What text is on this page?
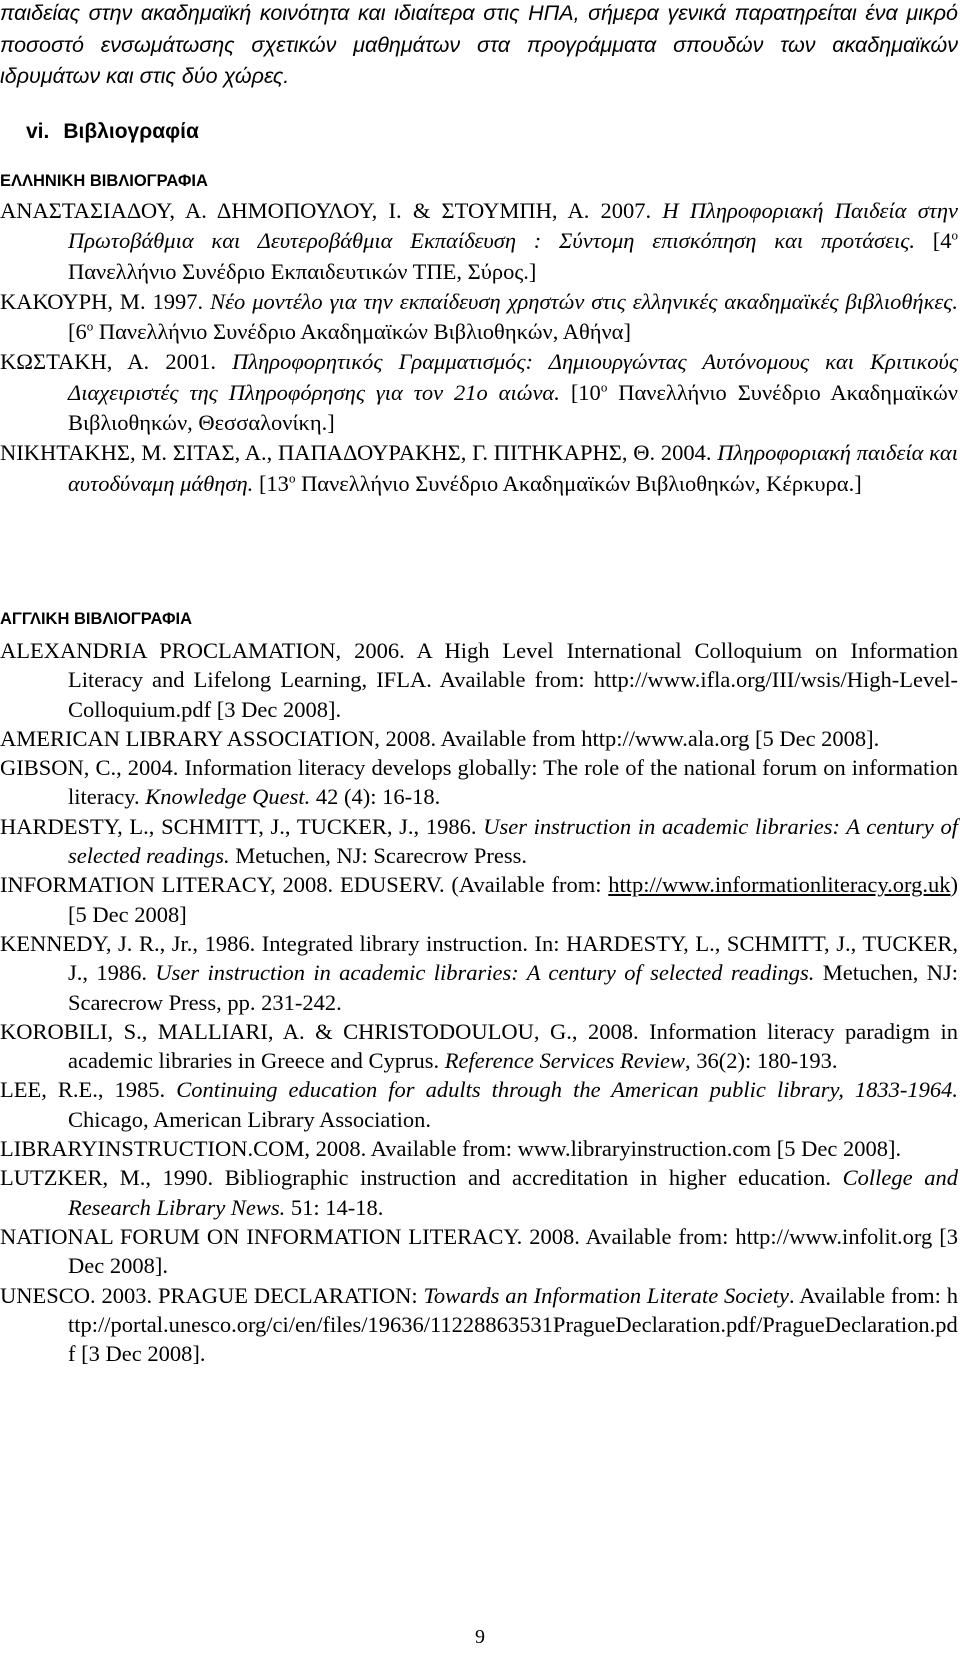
παιδείας στην ακαδημαϊκή κοινότητα και ιδιαίτερα στις ΗΠΑ, σήμερα γενικά παρατηρείται ένα μικρό ποσοστό ενσωμάτωσης σχετικών μαθημάτων στα προγράμματα σπουδών των ακαδημαϊκών ιδρυμάτων και στις δύο χώρες.

vi. Βιβλιογραφία
ΕΛΛΗΝΙΚΗ ΒΙΒΛΙΟΓΡΑΦΙΑ
ΑΝΑΣΤΑΣΙΑΔΟΥ, Α. ΔΗΜΟΠΟΥΛΟΥ, Ι. & ΣΤΟΥΜΠΗ, Α. 2007. Η Πληροφοριακή Παιδεία στην Πρωτοβάθμια και Δευτεροβάθμια Εκπαίδευση : Σύντομη επισκόπηση και προτάσεις. [$4^o$ Πανελλήνιο Συνέδριο Εκπαιδευτικών ΤΠΕ, Σύρος.]
ΚΑΚΟΥΡΗ, Μ. 1997. Νέο μοντέλο για την εκπαίδευση χρηστών στις ελληνικές ακαδημαϊκές βιβλιοθήκες. [$6^o$ Πανελλήνιο Συνέδριο Ακαδημαϊκών Βιβλιοθηκών, Αθήνα]
ΚΩΣΤΑΚΗ, Α. 2001. Πληροφορητικός Γραμματισμός: Δημιουργώντας Αυτόνομους και Κριτικούς Διαχειριστές της Πληροφόρησης για τον 21ο αιώνα. [$10^o$ Πανελλήνιο Συνέδριο Ακαδημαϊκών Βιβλιοθηκών, Θεσσαλονίκη.]
ΝΙΚΗΤΑΚΗΣ, Μ. ΣΙΤΑΣ, Α., ΠΑΠΑΔΟΥΡΑΚΗΣ, Γ. ΠΙΤΗΚΑΡΗΣ, Θ. 2004. Πληροφοριακή παιδεία και αυτοδύναμη μάθηση. [$13^o$ Πανελλήνιο Συνέδριο Ακαδημαϊκών Βιβλιοθηκών, Κέρκυρα.]
ΑΓΓΛΙΚΗ ΒΙΒΛΙΟΓΡΑΦΙΑ
ALEXANDRIA PROCLAMATION, 2006. A High Level International Colloquium on Information Literacy and Lifelong Learning, IFLA. Available from: http://www.ifla.org/III/wsis/High-Level-Colloquium.pdf [3 Dec 2008].
AMERICAN LIBRARY ASSOCIATION, 2008. Available from http://www.ala.org [5 Dec 2008].
GIBSON, C., 2004. Information literacy develops globally: The role of the national forum on information literacy. Knowledge Quest. 42 (4): 16-18.
HARDESTY, L., SCHMITT, J., TUCKER, J., 1986. User instruction in academic libraries: A century of selected readings. Metuchen, NJ: Scarecrow Press.
INFORMATION LITERACY, 2008. EDUSERV. (Available from: http://www.informationliteracy.org.uk) [5 Dec 2008]
KENNEDY, J. R., Jr., 1986. Integrated library instruction. In: HARDESTY, L., SCHMITT, J., TUCKER, J., 1986. User instruction in academic libraries: A century of selected readings. Metuchen, NJ: Scarecrow Press, pp. 231-242.
KOROBILI, S., MALLIARI, A. & CHRISTODOULOU, G., 2008. Information literacy paradigm in academic libraries in Greece and Cyprus. Reference Services Review, 36(2): 180-193.
LEE, R.E., 1985. Continuing education for adults through the American public library, 1833-1964. Chicago, American Library Association.
LIBRARYINSTRUCTION.COM, 2008. Available from: www.libraryinstruction.com [5 Dec 2008].
LUTZKER, M., 1990. Bibliographic instruction and accreditation in higher education. College and Research Library News. 51: 14-18.
NATIONAL FORUM ON INFORMATION LITERACY. 2008. Available from: http://www.infolit.org [3 Dec 2008].
UNESCO. 2003. PRAGUE DECLARATION: Towards an Information Literate Society. Available from: http://portal.unesco.org/ci/en/files/19636/11228863531PragueDeclaration.pdf/PragueDeclaration.pdf [3 Dec 2008].

9
